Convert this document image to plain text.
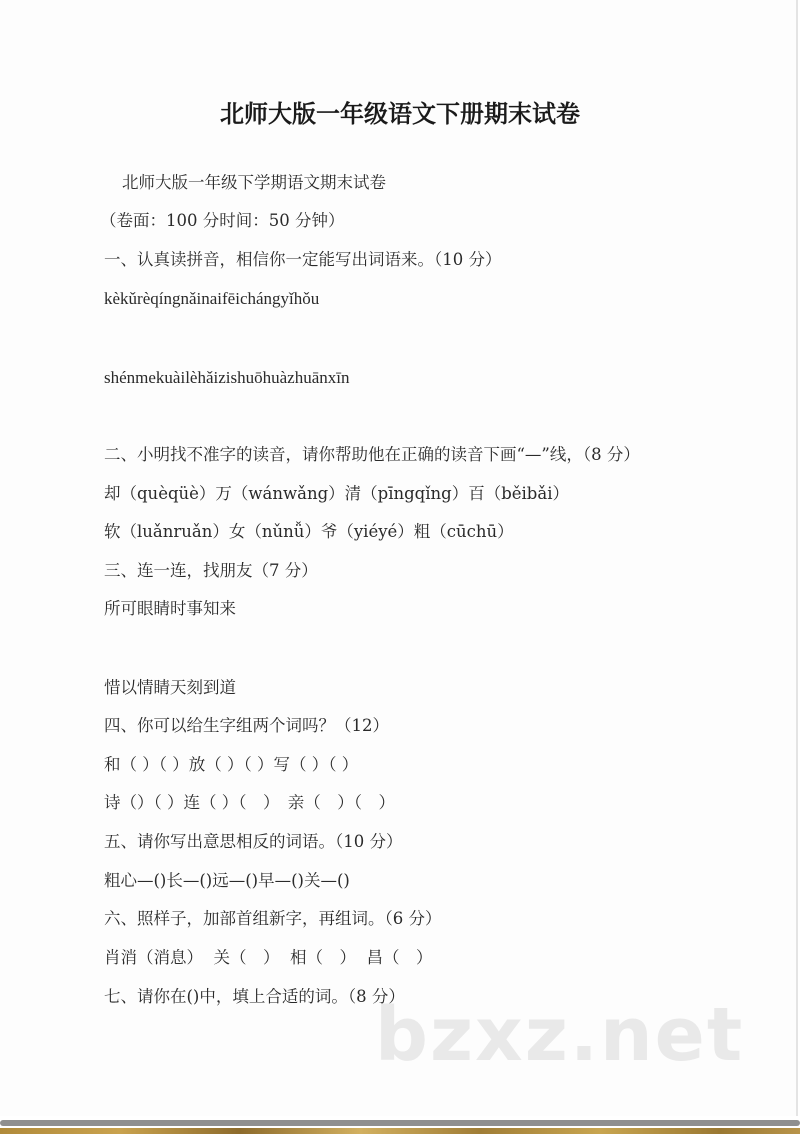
北师大版一年级语文下册期末试卷
北师大版一年级下学期语文期末试卷
（卷面：100 分时间：50 分钟）
一、认真读拼音，相信你一定能写出词语来。（10 分）
kèkǔrèqíngnǎinaifēichángyǐhǒu
shénmekuàilèhǎizishuōhuàzhuānxīn
二、小明找不准字的读音，请你帮助他在正确的读音下画“—”线，（8 分）
却（quèqüè）万（wánwǎng）清（pīngqǐng）百（běibǎi）
软（luǎnruǎn）女（nǔnǚ）爷（yiéyé）粗（cūchū）
三、连一连，找朋友（7 分）
所可眼睛时事知来
惜以情睛天刻到道
四、你可以给生字组两个词吗？（12）
和（ ）（ ）放（ ）（ ）写（ ）（ ）
诗（）（ ）连（ ）（　）　亲（　）（　）
五、请你写出意思相反的词语。（10 分）
粗心—()长—()远—()早—()关—()
六、照样子，加部首组新字，再组词。（6 分）
肖消（消息）  关（　）  相（　）  昌（　）
七、请你在()中，填上合适的词。（8 分）
bzxz.net
